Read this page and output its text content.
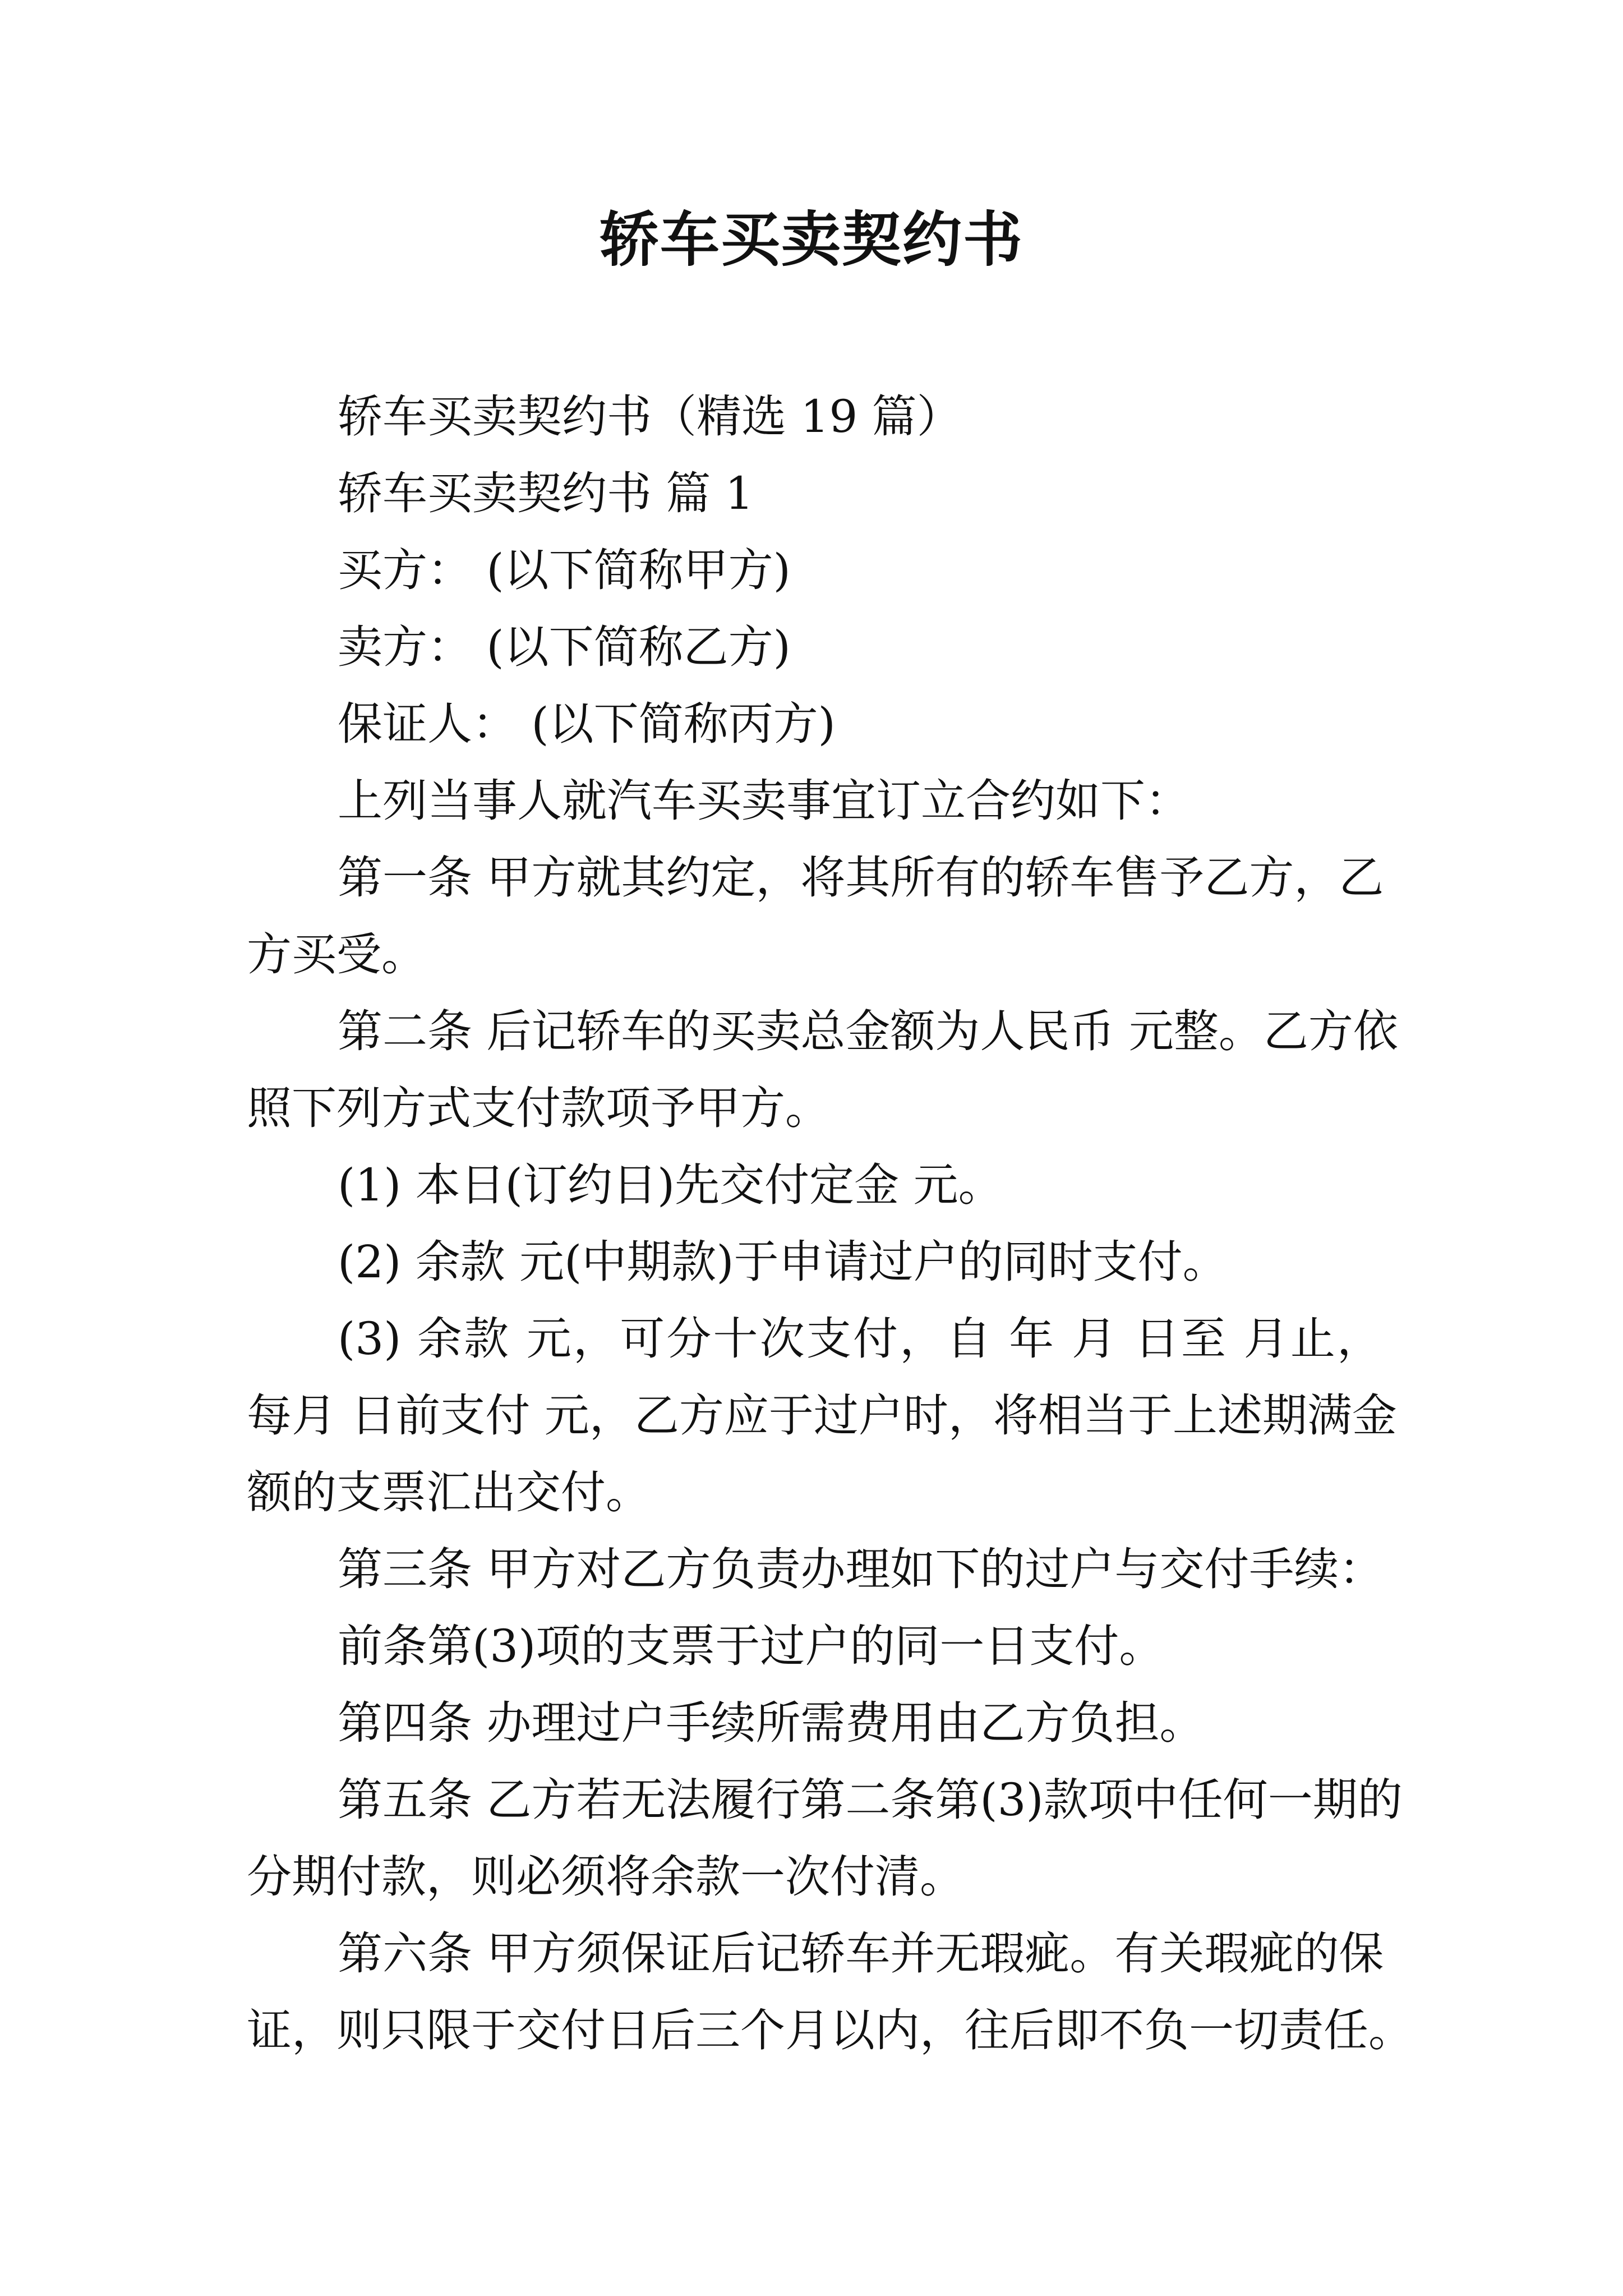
轿车买卖契约书
轿车买卖契约书（精选 19 篇）
轿车买卖契约书 篇 1
买方： (以下简称甲方)
卖方： (以下简称乙方)
保证人： (以下简称丙方)
上列当事人就汽车买卖事宜订立合约如下：
第一条 甲方就其约定，将其所有的轿车售予乙方，乙
方买受。
第二条 后记轿车的买卖总金额为人民币 元整。乙方依
照下列方式支付款项予甲方。
(1) 本日(订约日)先交付定金 元。
(2) 余款 元(中期款)于申请过户的同时支付。
(3) 余款 元，可分十次支付，自 年 月 日至 月止，
每月 日前支付 元，乙方应于过户时，将相当于上述期满金
额的支票汇出交付。
第三条 甲方对乙方负责办理如下的过户与交付手续：
前条第(3)项的支票于过户的同一日支付。
第四条 办理过户手续所需费用由乙方负担。
第五条 乙方若无法履行第二条第(3)款项中任何一期的
分期付款，则必须将余款一次付清。
第六条 甲方须保证后记轿车并无瑕疵。有关瑕疵的保
证，则只限于交付日后三个月以内，往后即不负一切责任。
